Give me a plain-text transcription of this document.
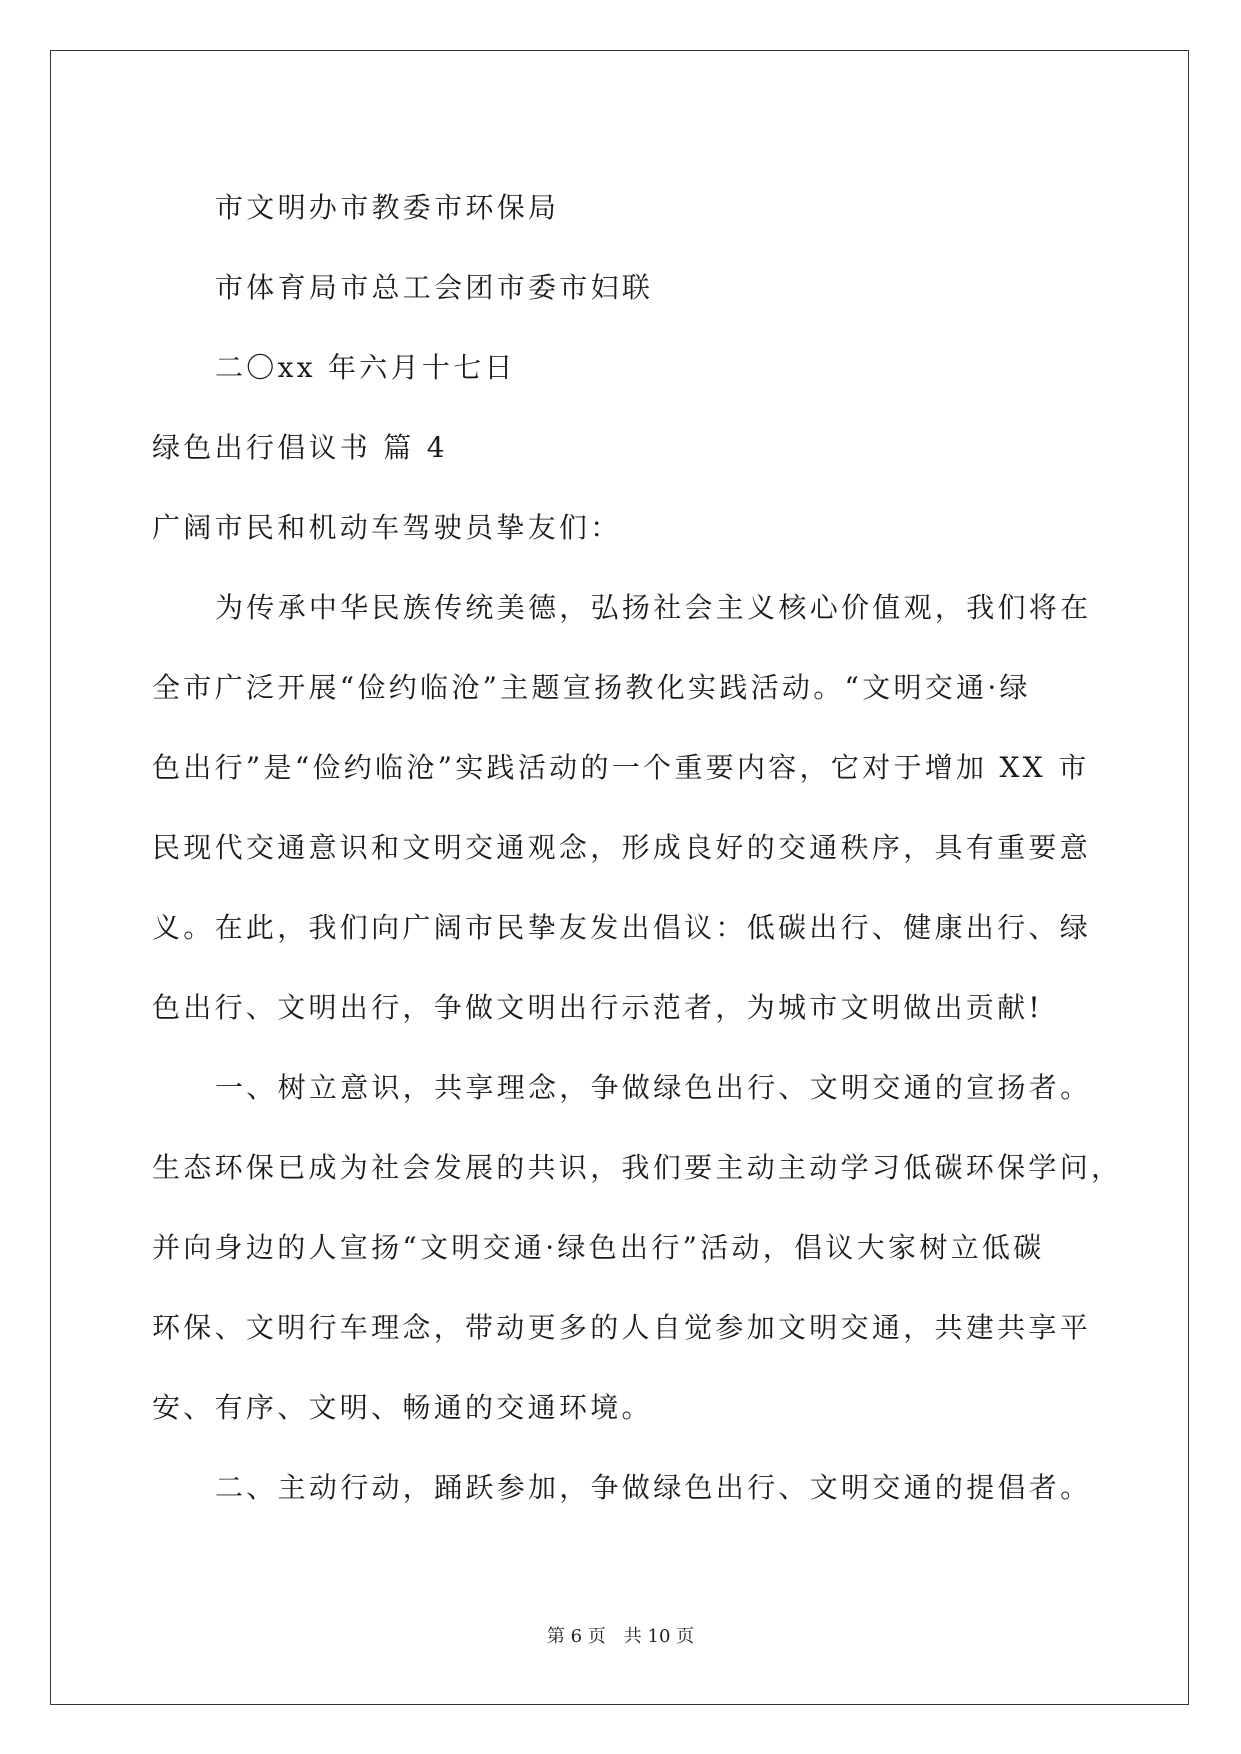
市文明办市教委市环保局
市体育局市总工会团市委市妇联
二〇xx 年六月十七日
绿色出行倡议书 篇 4
广阔市民和机动车驾驶员挚友们：
为传承中华民族传统美德，弘扬社会主义核心价值观，我们将在
全市广泛开展“俭约临沧”主题宣扬教化实践活动。“文明交通·绿
色出行”是“俭约临沧”实践活动的一个重要内容，它对于增加 XX 市
民现代交通意识和文明交通观念，形成良好的交通秩序，具有重要意
义。在此，我们向广阔市民挚友发出倡议：低碳出行、健康出行、绿
色出行、文明出行，争做文明出行示范者，为城市文明做出贡献!
一、树立意识，共享理念，争做绿色出行、文明交通的宣扬者。
生态环保已成为社会发展的共识，我们要主动主动学习低碳环保学问，
并向身边的人宣扬“文明交通·绿色出行”活动，倡议大家树立低碳
环保、文明行车理念，带动更多的人自觉参加文明交通，共建共享平
安、有序、文明、畅通的交通环境。
二、主动行动，踊跃参加，争做绿色出行、文明交通的提倡者。
第 6 页　共 10 页
